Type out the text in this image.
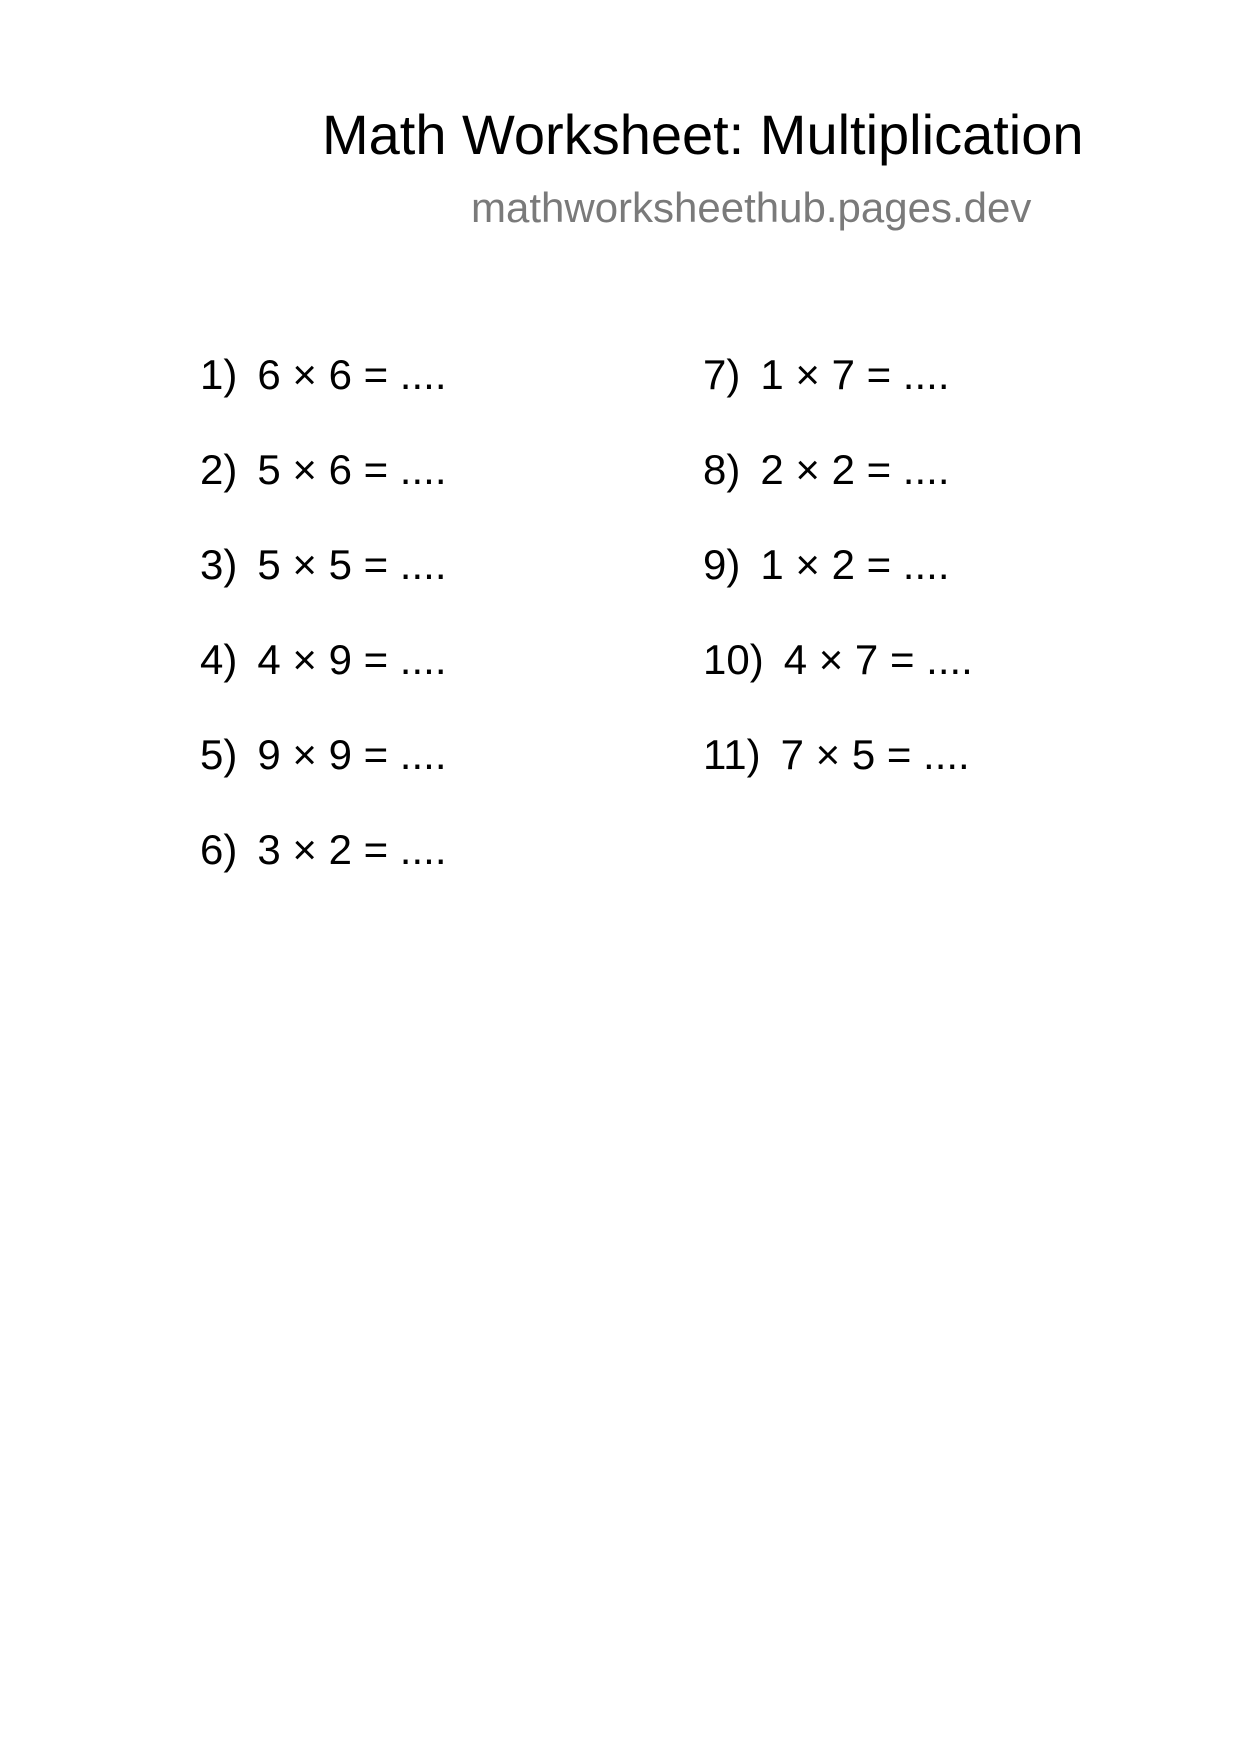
Math Worksheet: Multiplication
mathworksheethub.pages.dev
1) 6 × 6 = ....
2) 5 × 6 = ....
3) 5 × 5 = ....
4) 4 × 9 = ....
5) 9 × 9 = ....
6) 3 × 2 = ....
7) 1 × 7 = ....
8) 2 × 2 = ....
9) 1 × 2 = ....
10) 4 × 7 = ....
11) 7 × 5 = ....
